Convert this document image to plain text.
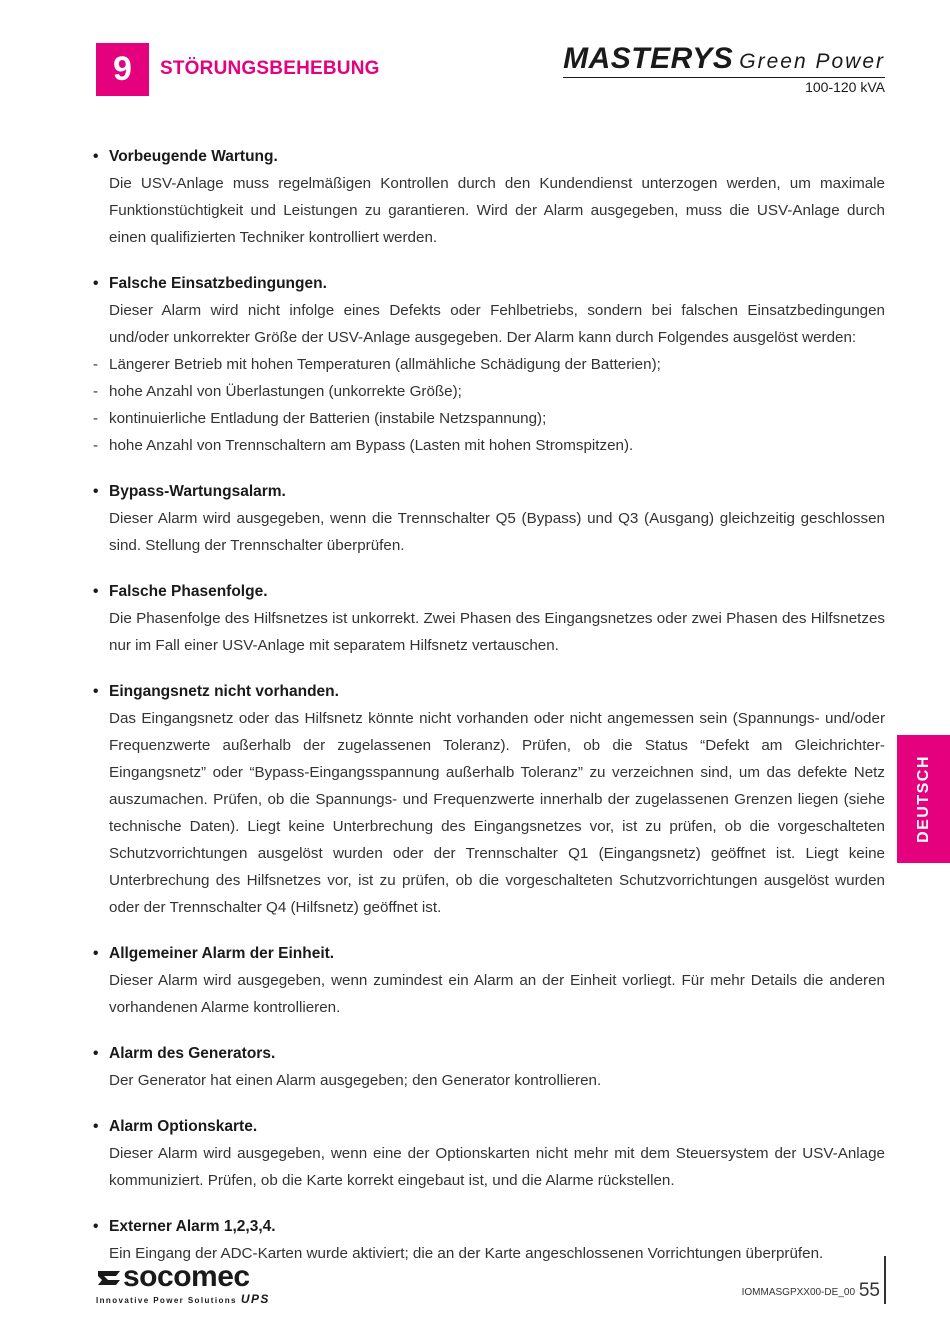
9	STÖRUNGSBEHEBUNG	MASTERYS Green Power
100-120 kVA
• Vorbeugende Wartung.
Die USV-Anlage muss regelmäßigen Kontrollen durch den Kundendienst unterzogen werden, um maximale Funktionstüchtigkeit und Leistungen zu garantieren. Wird der Alarm ausgegeben, muss die USV-Anlage durch einen qualifizierten Techniker kontrolliert werden.
• Falsche Einsatzbedingungen.
Dieser Alarm wird nicht infolge eines Defekts oder Fehlbetriebs, sondern bei falschen Einsatzbedingungen und/oder unkorrekter Größe der USV-Anlage ausgegeben. Der Alarm kann durch Folgendes ausgelöst werden:
- Längerer Betrieb mit hohen Temperaturen (allmähliche Schädigung der Batterien);
- hohe Anzahl von Überlastungen (unkorrekte Größe);
- kontinuierliche Entladung der Batterien (instabile Netzspannung);
- hohe Anzahl von Trennschaltern am Bypass (Lasten mit hohen Stromspitzen).
• Bypass-Wartungsalarm.
Dieser Alarm wird ausgegeben, wenn die Trennschalter Q5 (Bypass) und Q3 (Ausgang) gleichzeitig geschlossen sind. Stellung der Trennschalter überprüfen.
• Falsche Phasenfolge.
Die Phasenfolge des Hilfsnetzes ist unkorrekt. Zwei Phasen des Eingangsnetzes oder zwei Phasen des Hilfsnetzes nur im Fall einer USV-Anlage mit separatem Hilfsnetz vertauschen.
• Eingangsnetz nicht vorhanden.
Das Eingangsnetz oder das Hilfsnetz könnte nicht vorhanden oder nicht angemessen sein (Spannungs- und/oder Frequenzwerte außerhalb der zugelassenen Toleranz). Prüfen, ob die Status “Defekt am Gleichrichter-Eingangsnetz” oder “Bypass-Eingangsspannung außerhalb Toleranz” zu verzeichnen sind, um das defekte Netz auszumachen. Prüfen, ob die Spannungs- und Frequenzwerte innerhalb der zugelassenen Grenzen liegen (siehe technische Daten). Liegt keine Unterbrechung des Eingangsnetzes vor, ist zu prüfen, ob die vorgeschalteten Schutzvorrichtungen ausgelöst wurden oder der Trennschalter Q1 (Eingangsnetz) geöffnet ist. Liegt keine Unterbrechung des Hilfsnetzes vor, ist zu prüfen, ob die vorgeschalteten Schutzvorrichtungen ausgelöst wurden oder der Trennschalter Q4 (Hilfsnetz) geöffnet ist.
• Allgemeiner Alarm der Einheit.
Dieser Alarm wird ausgegeben, wenn zumindest ein Alarm an der Einheit vorliegt. Für mehr Details die anderen vorhandenen Alarme kontrollieren.
• Alarm des Generators.
Der Generator hat einen Alarm ausgegeben; den Generator kontrollieren.
• Alarm Optionskarte.
Dieser Alarm wird ausgegeben, wenn eine der Optionskarten nicht mehr mit dem Steuersystem der USV-Anlage kommuniziert. Prüfen, ob die Karte korrekt eingebaut ist, und die Alarme rückstellen.
• Externer Alarm 1,2,3,4.
Ein Eingang der ADC-Karten wurde aktiviert; die an der Karte angeschlossenen Vorrichtungen überprüfen.
DEUTSCH
socomec
Innovative Power Solutions UPS	IOMMASGPXX00-DE_00 55
